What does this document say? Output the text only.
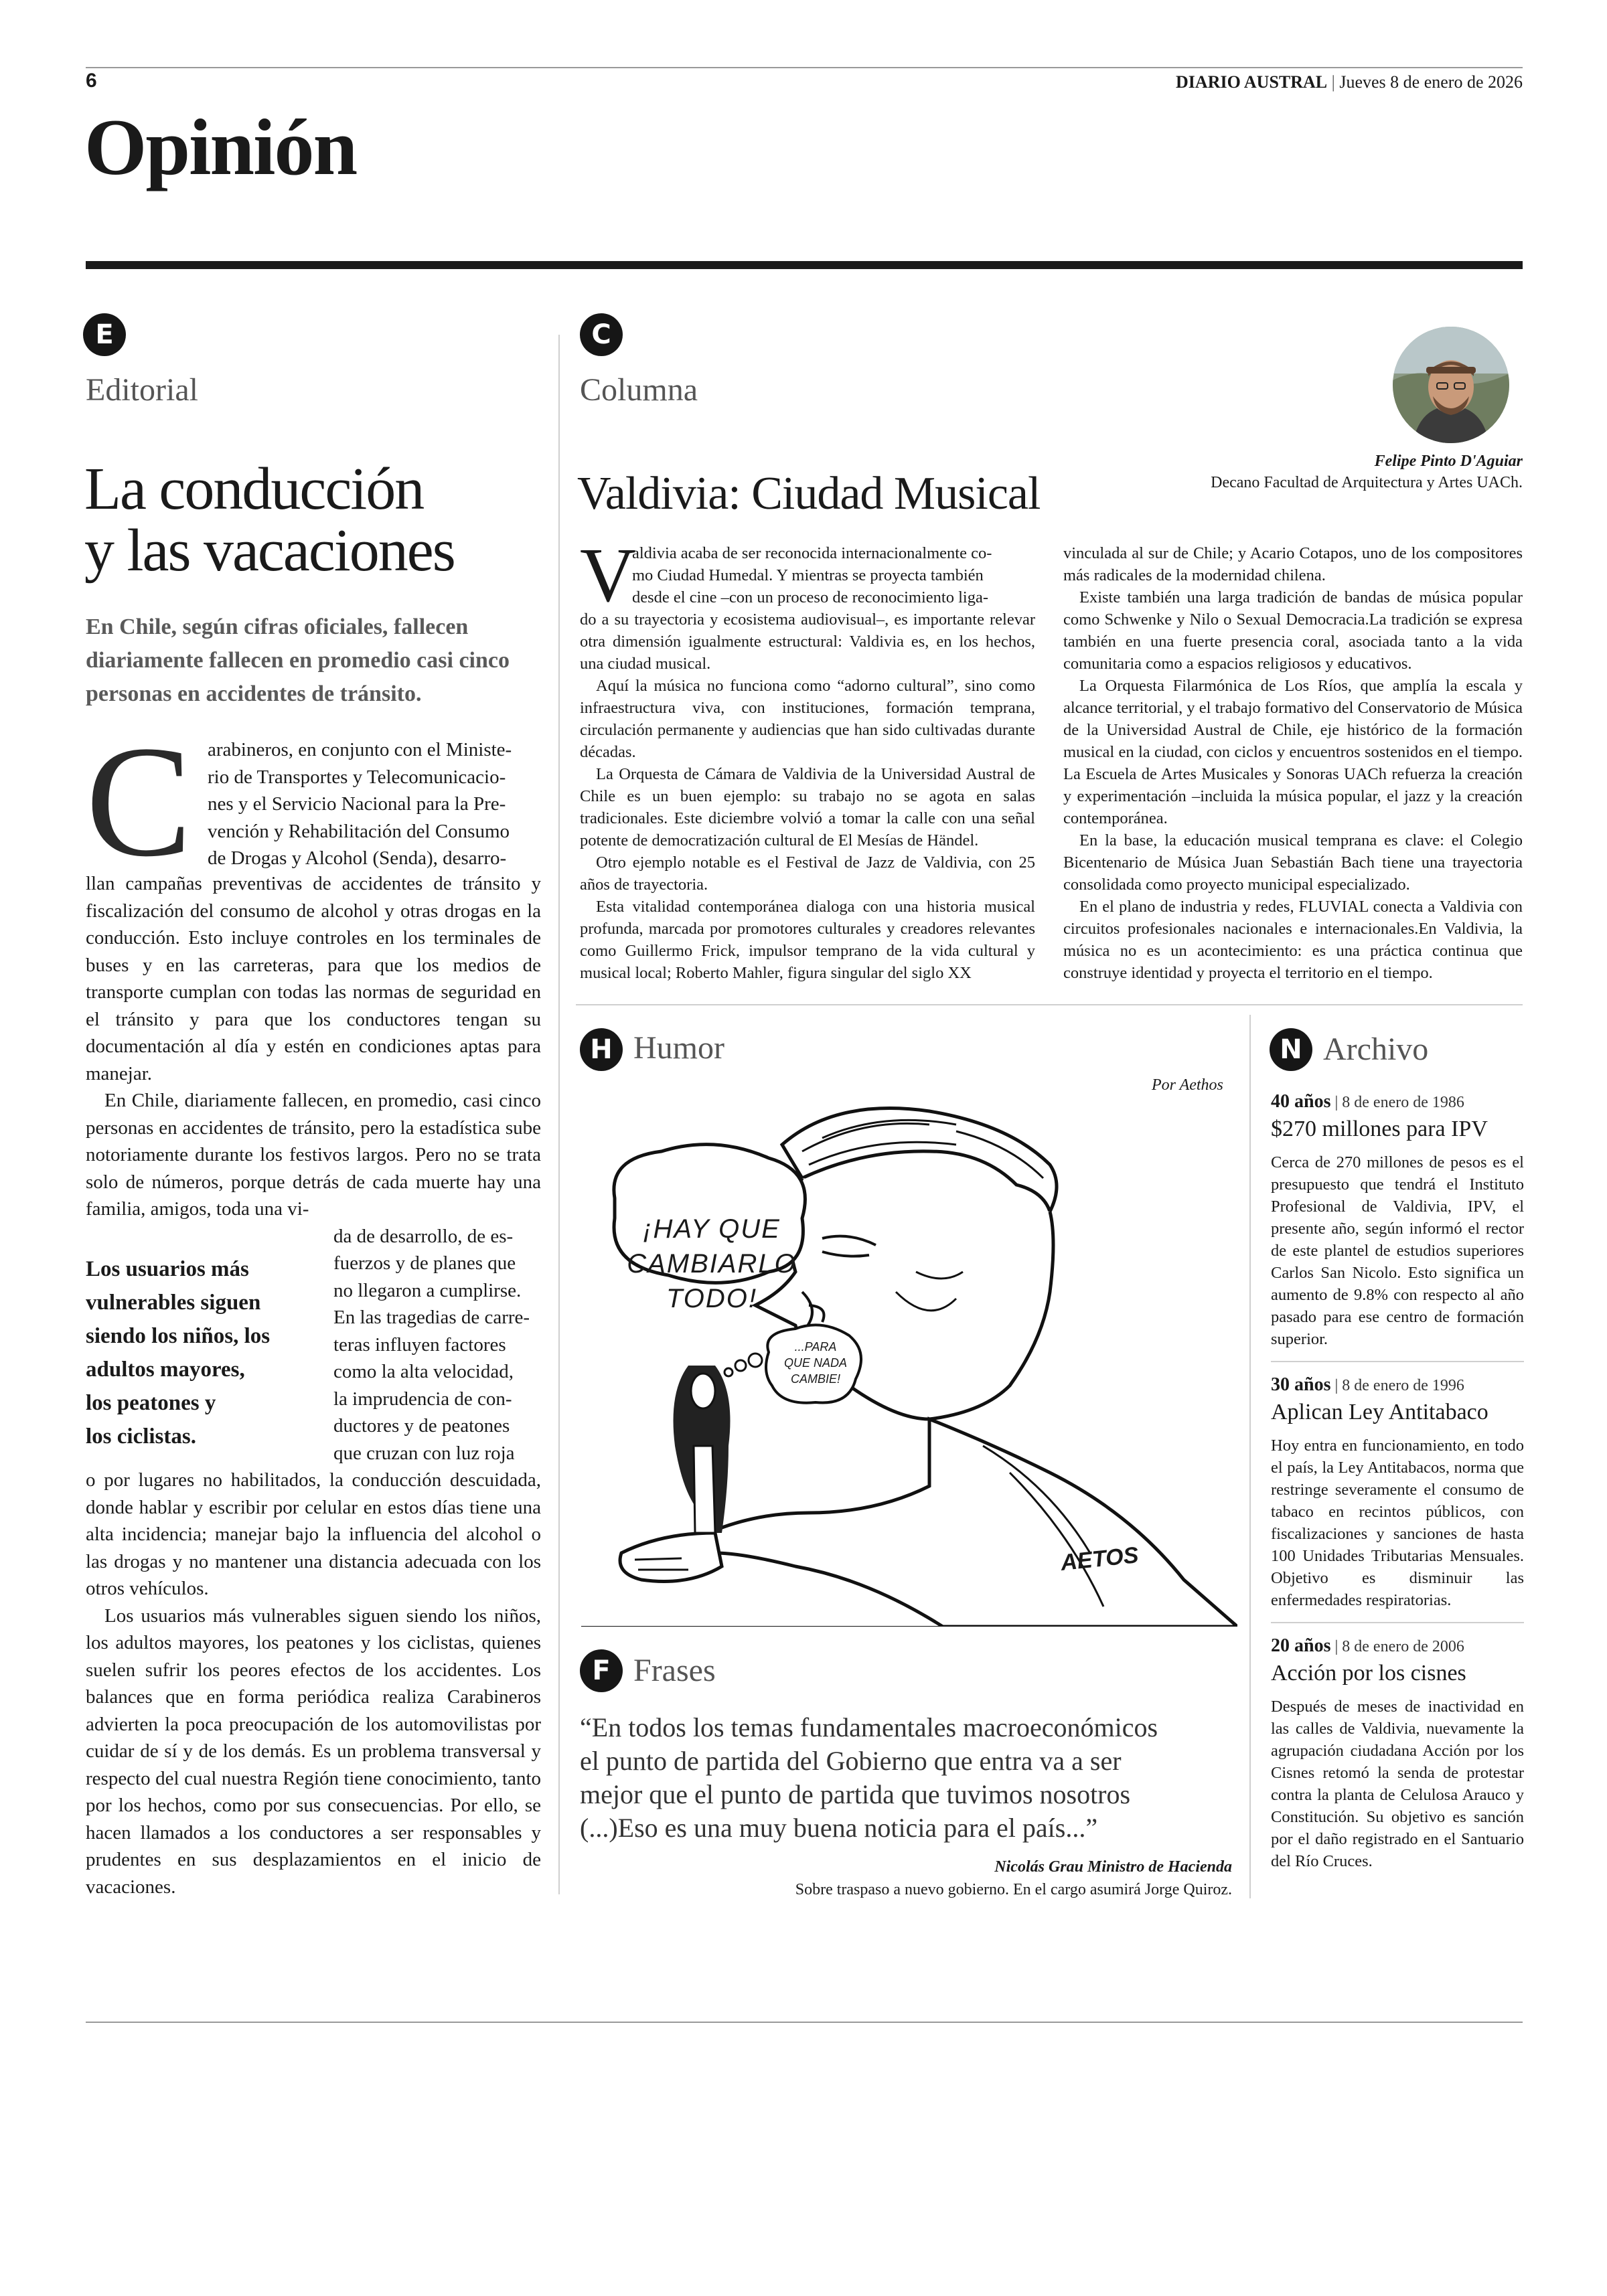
6	DIARIO AUSTRAL | Jueves 8 de enero de 2026
Opinión
E
Editorial
La conducción
y las vacaciones
En Chile, según cifras oficiales, fallecen diariamente fallecen en promedio casi cinco personas en accidentes de tránsito.
C arabineros, en conjunto con el Ministe-
rio de Transportes y Telecomunicacio-
nes y el Servicio Nacional para la Pre-
vención y Rehabilitación del Consumo
de Drogas y Alcohol (Senda), desarro-

llan campañas preventivas de accidentes de tránsito y fiscalización del consumo de alcohol y otras drogas en la conducción. Esto incluye controles en los terminales de buses y en las carreteras, para que los medios de transporte cumplan con todas las normas de seguridad en el tránsito y para que los conductores tengan su documentación al día y estén en condiciones aptas para manejar.

En Chile, diariamente fallecen, en promedio, casi cinco personas en accidentes de tránsito, pero la estadística sube notoriamente durante los festivos largos. Pero no se trata solo de números, porque detrás de cada muerte hay una familia, amigos, toda una vi-

Los usuarios más
vulnerables siguen
siendo los niños, los
adultos mayores,
los peatones y
los ciclistas.
da de desarrollo, de es-
fuerzos y de planes que
no llegaron a cumplirse.
En las tragedias de carre-
teras influyen factores
como la alta velocidad,
la imprudencia de con-
ductores y de peatones
que cruzan con luz roja

o por lugares no habilitados, la conducción descuidada, donde hablar y escribir por celular en estos días tiene una alta incidencia; manejar bajo la influencia del alcohol o las drogas y no mantener una distancia adecuada con los otros vehículos.

Los usuarios más vulnerables siguen siendo los niños, los adultos mayores, los peatones y los ciclistas, quienes suelen sufrir los peores efectos de los accidentes. Los balances que en forma periódica realiza Carabineros advierten la poca preocupación de los automovilistas por cuidar de sí y de los demás. Es un problema transversal y respecto del cual nuestra Región tiene conocimiento, tanto por los hechos, como por sus consecuencias. Por ello, se hacen llamados a los conductores a ser responsables y prudentes en sus desplazamientos en el inicio de vacaciones.

C
Columna
Felipe Pinto D'Aguiar
Decano Facultad de Arquitectura y Artes UACh.
Valdivia: Ciudad Musical
V
aldivia acaba de ser reconocida internacionalmente co-
mo Ciudad Humedal. Y mientras se proyecta también
desde el cine –con un proceso de reconocimiento liga-

do a su trayectoria y ecosistema audiovisual–, es importante relevar otra dimensión igualmente estructural: Valdivia es, en los hechos, una ciudad musical.

Aquí la música no funciona como “adorno cultural”, sino como infraestructura viva, con instituciones, formación temprana, circulación permanente y audiencias que han sido cultivadas durante décadas.

La Orquesta de Cámara de Valdivia de la Universidad Austral de Chile es un buen ejemplo: su trabajo no se agota en salas tradicionales. Este diciembre volvió a tomar la calle con una señal potente de democratización cultural de El Mesías de Händel.

Otro ejemplo notable es el Festival de Jazz de Valdivia, con 25 años de trayectoria.

Esta vitalidad contemporánea dialoga con una historia musical profunda, marcada por promotores culturales y creadores relevantes como Guillermo Frick, impulsor temprano de la vida cultural y musical local; Roberto Mahler, figura singular del siglo XX

vinculada al sur de Chile; y Acario Cotapos, uno de los compositores más radicales de la modernidad chilena.

Existe también una larga tradición de bandas de música popular como Schwenke y Nilo o Sexual Democracia.La tradición se expresa también en una fuerte presencia coral, asociada tanto a la vida comunitaria como a espacios religiosos y educativos.

La Orquesta Filarmónica de Los Ríos, que amplía la escala y alcance territorial, y el trabajo formativo del Conservatorio de Música de la Universidad Austral de Chile, eje histórico de la formación musical en la ciudad, con ciclos y encuentros sostenidos en el tiempo. La Escuela de Artes Musicales y Sonoras UACh refuerza la creación y experimentación –incluida la música popular, el jazz y la creación contemporánea.

En la base, la educación musical temprana es clave: el Colegio Bicentenario de Música Juan Sebastián Bach tiene una trayectoria consolidada como proyecto municipal especializado.

En el plano de industria y redes, FLUVIAL conecta a Valdivia con circuitos profesionales nacionales e internacionales.En Valdivia, la música no es un acontecimiento: es una práctica continua que construye identidad y proyecta el territorio en el tiempo.

H Humor
Por Aethos
¡HAY QUE
CAMBIARLO
TODO!
...PARA
QUE NADA
CAMBIE!
AETOS
F Frases
“En todos los temas fundamentales macroeconómicos
el punto de partida del Gobierno que entra va a ser
mejor que el punto de partida que tuvimos nosotros
(...)Eso es una muy buena noticia para el país...”
Nicolás Grau Ministro de Hacienda
Sobre traspaso a nuevo gobierno. En el cargo asumirá Jorge Quiroz.
N Archivo
40 años | 8 de enero de 1986
$270 millones para IPV
Cerca de 270 millones de pesos es el presupuesto que tendrá el Instituto Profesional de Valdivia, IPV, el presente año, según informó el rector de este plantel de estudios superiores Carlos San Nicolo. Esto significa un aumento de 9.8% con respecto al año pasado para ese centro de formación superior.
30 años | 8 de enero de 1996
Aplican Ley Antitabaco
Hoy entra en funcionamiento, en todo el país, la Ley Antitabacos, norma que restringe severamente el consumo de tabaco en recintos públicos, con fiscalizaciones y sanciones de hasta 100 Unidades Tributarias Mensuales. Objetivo es disminuir las enfermedades respiratorias.
20 años | 8 de enero de 2006
Acción por los cisnes
Después de meses de inactividad en las calles de Valdivia, nuevamente la agrupación ciudadana Acción por los Cisnes retomó la senda de protestar contra la planta de Celulosa Arauco y Constitución. Su objetivo es sanción por el daño registrado en el Santuario del Río Cruces.
